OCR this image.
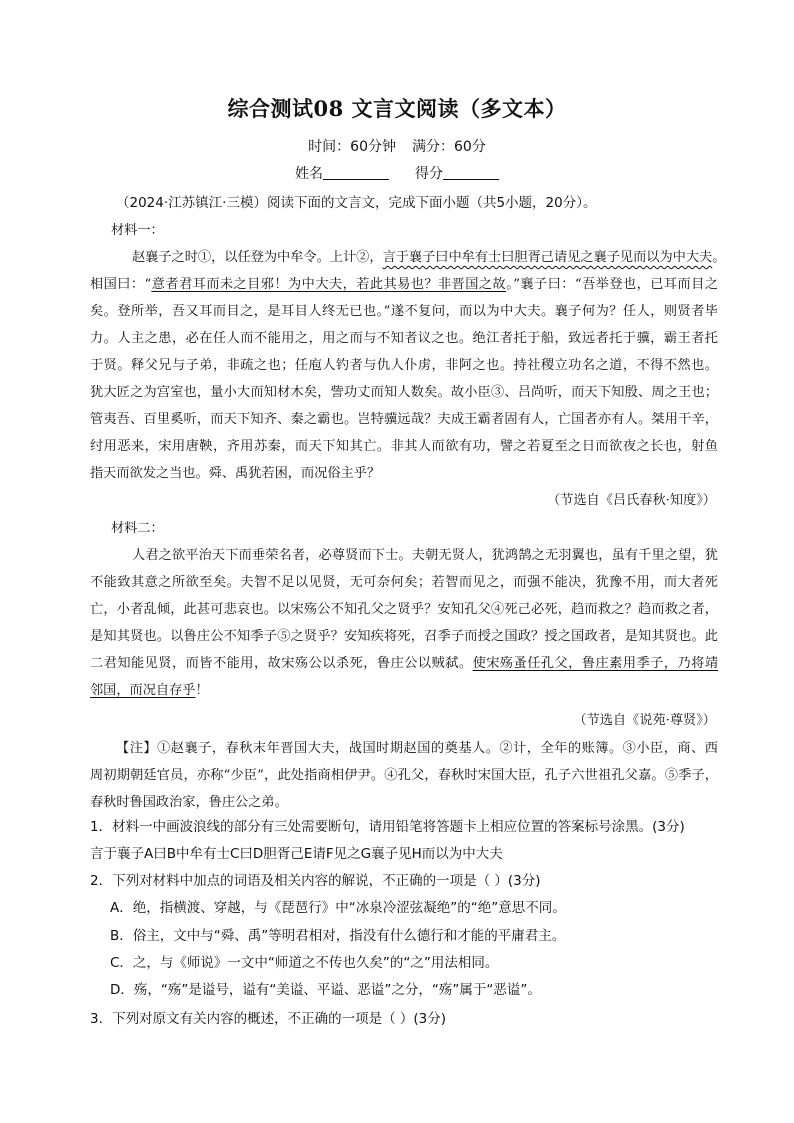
综合测试08 文言文阅读（多文本）
时间：60分钟 满分：60分
姓名	得分
（2024·江苏镇江·三模）阅读下面的文言文，完成下面小题（共5小题，20分）。
材料一：
赵襄子之时①，以任登为中牟令。上计②，言于襄子曰中牟有士曰胆胥己请见之襄子见而以为中大夫。
相国曰：“意者君耳而未之目邪！为中大夫，若此其易也？非晋国之故。”襄子曰：“吾举登也，已耳而目之
矣。登所举，吾又耳而目之，是耳目人终无已也。”遂不复问，而以为中大夫。襄子何为？任人，则贤者毕
力。人主之患，必在任人而不能用之，用之而与不知者议之也。绝江者托于船，致远者托于骥，霸王者托
于贤。释父兄与子弟，非疏之也；任庖人钓者与仇人仆虏，非阿之也。持社稷立功名之道，不得不然也。
犹大匠之为宫室也，量小大而知材木矣，訾功丈而知人数矣。故小臣③、吕尚听，而天下知殷、周之王也；
管夷吾、百里奚听，而天下知齐、秦之霸也。岂特骥远哉？夫成王霸者固有人，亡国者亦有人。桀用干辛，
纣用恶来，宋用唐鞅，齐用苏秦，而天下知其亡。非其人而欲有功，譬之若夏至之日而欲夜之长也，射鱼
指天而欲发之当也。舜、禹犹若困，而况俗主乎？
（节选自《吕氏春秋·知度》）
材料二：
人君之欲平治天下而垂荣名者，必尊贤而下士。夫朝无贤人，犹鸿鹄之无羽翼也，虽有千里之望，犹
不能致其意之所欲至矣。夫智不足以见贤，无可奈何矣；若智而见之，而强不能决，犹豫不用，而大者死
亡，小者乱倾，此甚可悲哀也。以宋殇公不知孔父之贤乎？安知孔父④死己必死，趋而救之？趋而救之者，
是知其贤也。以鲁庄公不知季子⑤之贤乎？安知疾将死，召季子而授之国政？授之国政者，是知其贤也。此
二君知能见贤，而皆不能用，故宋殇公以杀死，鲁庄公以贼弑。使宋殇蚤任孔父，鲁庄素用季子，乃将靖
邻国，而况自存乎！
（节选自《说苑·尊贤》）
【注】①赵襄子，春秋末年晋国大夫，战国时期赵国的奠基人。②计，全年的账簿。③小臣，商、西
周初期朝廷官员，亦称“少臣”，此处指商相伊尹。④孔父，春秋时宋国大臣，孔子六世祖孔父嘉。⑤季子，
春秋时鲁国政治家，鲁庄公之弟。
1．材料一中画波浪线的部分有三处需要断句，请用铅笔将答题卡上相应位置的答案标号涂黑。(3分)
言于襄子A曰B中牟有士C曰D胆胥己E请F见之G襄子见H而以为中大夫
2．下列对材料中加点的词语及相关内容的解说，不正确的一项是（ ）(3分)
A．绝，指横渡、穿越，与《琵琶行》中“冰泉冷涩弦凝绝”的“绝”意思不同。
B．俗主，文中与“舜、禹”等明君相对，指没有什么德行和才能的平庸君主。
C．之，与《师说》一文中“师道之不传也久矣”的“之”用法相同。
D．殇，“殇”是谥号，谥有“美谥、平谥、恶谥”之分，“殇”属于“恶谥”。
3．下列对原文有关内容的概述，不正确的一项是（ ）(3分)
